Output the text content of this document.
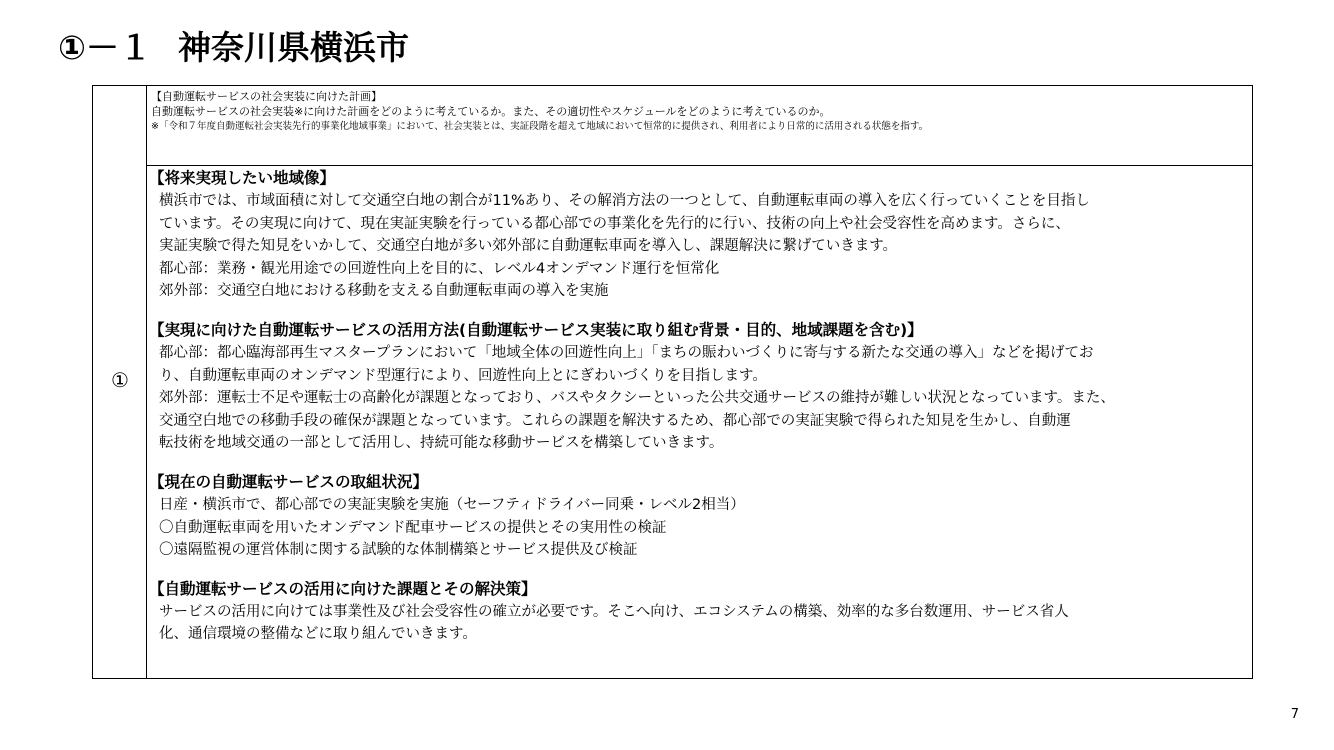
①－１ 神奈川県横浜市
①
【自動運転サービスの社会実装に向けた計画】
自動運転サービスの社会実装※に向けた計画をどのように考えているか。また、その適切性やスケジュールをどのように考えているのか。
※「令和７年度自動運転社会実装先行的事業化地域事業」において、社会実装とは、実証段階を超えて地域において恒常的に提供され、利用者により日常的に活用される状態を指す。
【将来実現したい地域像】
横浜市では、市域面積に対して交通空白地の割合が11%あり、その解消方法の一つとして、自動運転車両の導入を広く行っていくことを目指し
ています。その実現に向けて、現在実証実験を行っている都心部での事業化を先行的に行い、技術の向上や社会受容性を高めます。さらに、
実証実験で得た知見をいかして、交通空白地が多い郊外部に自動運転車両を導入し、課題解決に繋げていきます。
都心部：業務・観光用途での回遊性向上を目的に、レベル4オンデマンド運行を恒常化
郊外部：交通空白地における移動を支える自動運転車両の導入を実施
【実現に向けた自動運転サービスの活用方法(自動運転サービス実装に取り組む背景・目的、地域課題を含む)】
都心部：都心臨海部再生マスタープランにおいて「地域全体の回遊性向上」「まちの賑わいづくりに寄与する新たな交通の導入」などを掲げてお
り、自動運転車両のオンデマンド型運行により、回遊性向上とにぎわいづくりを目指します。
郊外部：運転士不足や運転士の高齢化が課題となっており、バスやタクシーといった公共交通サービスの維持が難しい状況となっています。また、
交通空白地での移動手段の確保が課題となっています。これらの課題を解決するため、都心部での実証実験で得られた知見を生かし、自動運
転技術を地域交通の一部として活用し、持続可能な移動サービスを構築していきます。
【現在の自動運転サービスの取組状況】
日産・横浜市で、都心部での実証実験を実施（セーフティドライバー同乗・レベル2相当）
〇自動運転車両を用いたオンデマンド配車サービスの提供とその実用性の検証
〇遠隔監視の運営体制に関する試験的な体制構築とサービス提供及び検証
【自動運転サービスの活用に向けた課題とその解決策】
サービスの活用に向けては事業性及び社会受容性の確立が必要です。そこへ向け、エコシステムの構築、効率的な多台数運用、サービス省人
化、通信環境の整備などに取り組んでいきます。
7
